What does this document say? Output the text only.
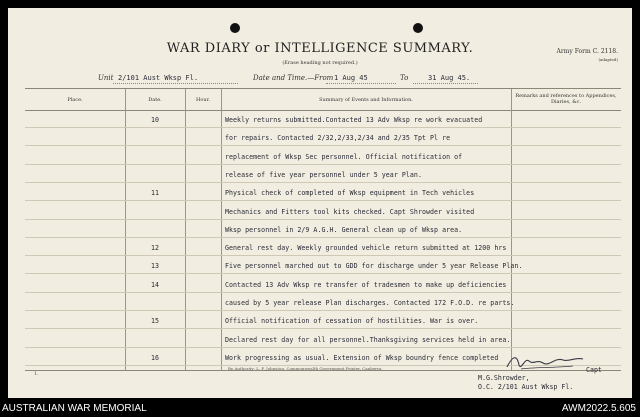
WAR DIARY or INTELLIGENCE SUMMARY.
(Erase heading not required.)
Army Form C. 2118.
(adapted)
Unit 2/101 Aust Wksp Fl.	Date and Time.—From 1 Aug 45	To	31 Aug 45.
Place.	Date.	Hour.	Summary of Events and Information.
Remarks and references to Appendices, Diaries, &c.
10	Weekly returns submitted.Contacted 13 Adv Wksp re work evacuated
for repairs. Contacted 2/32,2/33,2/34 and 2/35 Tpt Pl re
replacement of Wksp Sec personnel. Official notification of
release of five year personnel under 5 year Plan.
11	Physical check of completed of Wksp equipment in Tech vehicles
Mechanics and Fitters tool kits checked. Capt Shrowder visited
Wksp personnel in 2/9 A.G.H. General clean up of Wksp area.
12	General rest day. Weekly grounded vehicle return submitted at 1200 hrs
13	Five personnel marched out to GDD for discharge under 5 year Release Plan.
14	Contacted 13 Adv Wksp re transfer of tradesmen to make up deficiencies
caused by 5 year release Plan discharges. Contacted 172 F.O.D. re parts.
15	Official notification of cessation of hostilities. War is over.
Declared rest day for all personnel.Thanksgiving services held in area.
16	Work progressing as usual. Extension of Wksp boundry fence completed
Capt
M.G.Shrowder,
O.C. 2/101 Aust Wksp Fl.
By Authority: L. F. Johnston, Commonwealth Government Printer, Canberra.
1.
AUSTRALIAN WAR MEMORIAL	AWM2022.5.605
